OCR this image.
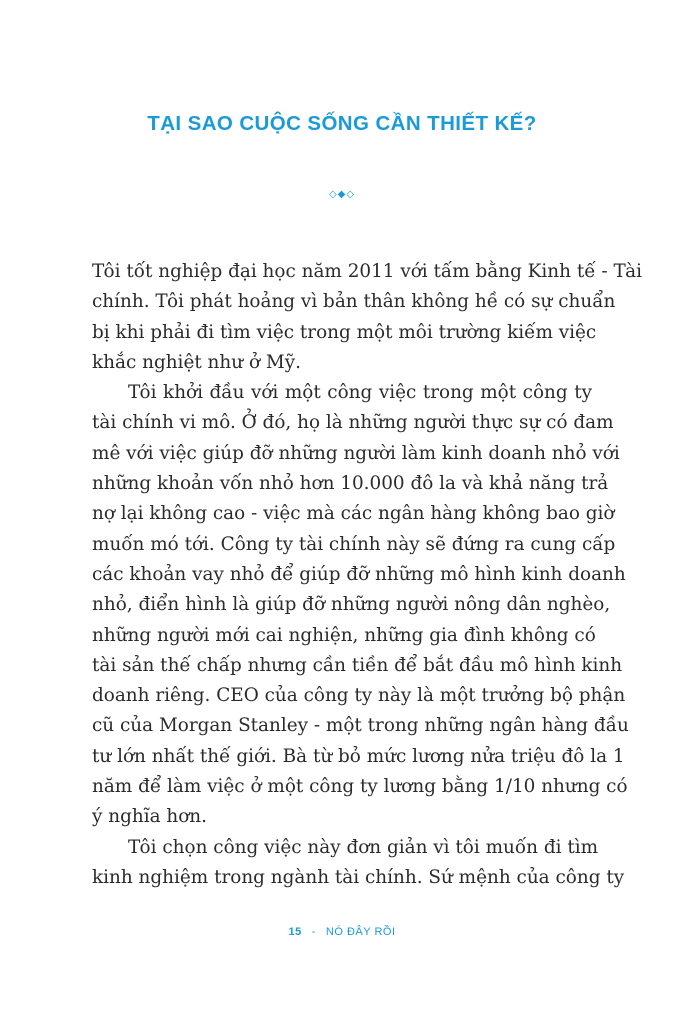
TẠI SAO CUỘC SỐNG CẦN THIẾT KẾ?
◇◆◇
Tôi tốt nghiệp đại học năm 2011 với tấm bằng Kinh tế - Tài
chính. Tôi phát hoảng vì bản thân không hề có sự chuẩn
bị khi phải đi tìm việc trong một môi trường kiếm việc
khắc nghiệt như ở Mỹ.
Tôi khởi đầu với một công việc trong một công ty
tài chính vi mô. Ở đó, họ là những người thực sự có đam
mê với việc giúp đỡ những người làm kinh doanh nhỏ với
những khoản vốn nhỏ hơn 10.000 đô la và khả năng trả
nợ lại không cao - việc mà các ngân hàng không bao giờ
muốn mó tới. Công ty tài chính này sẽ đứng ra cung cấp
các khoản vay nhỏ để giúp đỡ những mô hình kinh doanh
nhỏ, điển hình là giúp đỡ những người nông dân nghèo,
những người mới cai nghiện, những gia đình không có
tài sản thế chấp nhưng cần tiền để bắt đầu mô hình kinh
doanh riêng. CEO của công ty này là một trưởng bộ phận
cũ của Morgan Stanley - một trong những ngân hàng đầu
tư lớn nhất thế giới. Bà từ bỏ mức lương nửa triệu đô la 1
năm để làm việc ở một công ty lương bằng 1/10 nhưng có
ý nghĩa hơn.
Tôi chọn công việc này đơn giản vì tôi muốn đi tìm
kinh nghiệm trong ngành tài chính. Sứ mệnh của công ty
15 - NÓ ĐÂY RỒI
